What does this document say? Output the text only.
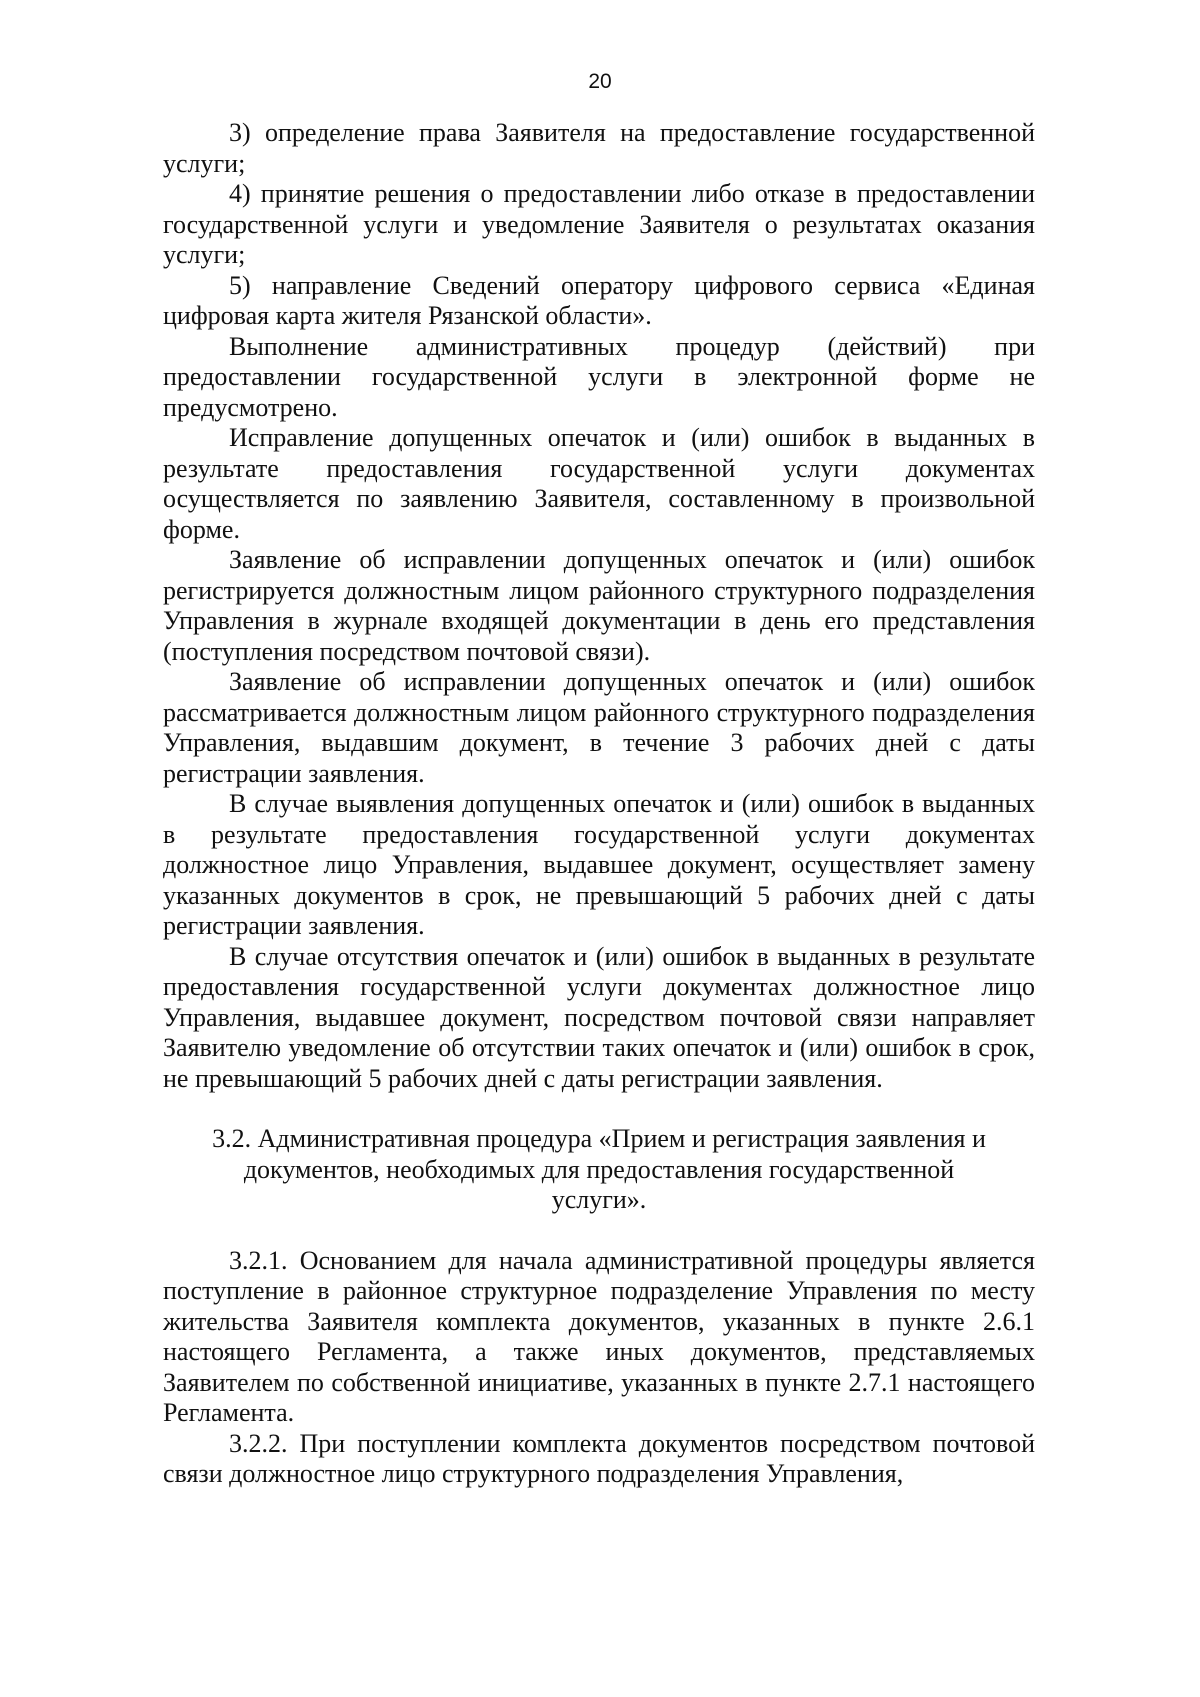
20

3) определение права Заявителя на предоставление государственной услуги;

4) принятие решения о предоставлении либо отказе в предоставлении государственной услуги и уведомление Заявителя о результатах оказания услуги;

5) направление Сведений оператору цифрового сервиса «Единая цифровая карта жителя Рязанской области».

Выполнение административных процедур (действий) при предоставлении государственной услуги в электронной форме не предусмотрено.

Исправление допущенных опечаток и (или) ошибок в выданных в результате предоставления государственной услуги документах осуществляется по заявлению Заявителя, составленному в произвольной форме.

Заявление об исправлении допущенных опечаток и (или) ошибок регистрируется должностным лицом районного структурного подразделения Управления в журнале входящей документации в день его представления (поступления посредством почтовой связи).

Заявление об исправлении допущенных опечаток и (или) ошибок рассматривается должностным лицом районного структурного подразделения Управления, выдавшим документ, в течение 3 рабочих дней с даты регистрации заявления.

В случае выявления допущенных опечаток и (или) ошибок в выданных в результате предоставления государственной услуги документах должностное лицо Управления, выдавшее документ, осуществляет замену указанных документов в срок, не превышающий 5 рабочих дней с даты регистрации заявления.

В случае отсутствия опечаток и (или) ошибок в выданных в результате предоставления государственной услуги документах должностное лицо Управления, выдавшее документ, посредством почтовой связи направляет Заявителю уведомление об отсутствии таких опечаток и (или) ошибок в срок, не превышающий 5 рабочих дней с даты регистрации заявления.

3.2. Административная процедура «Прием и регистрация заявления и документов, необходимых для предоставления государственной услуги».

3.2.1. Основанием для начала административной процедуры является поступление в районное структурное подразделение Управления по месту жительства Заявителя комплекта документов, указанных в пункте 2.6.1 настоящего Регламента, а также иных документов, представляемых Заявителем по собственной инициативе, указанных в пункте 2.7.1 настоящего Регламента.

3.2.2. При поступлении комплекта документов посредством почтовой связи должностное лицо структурного подразделения Управления,
